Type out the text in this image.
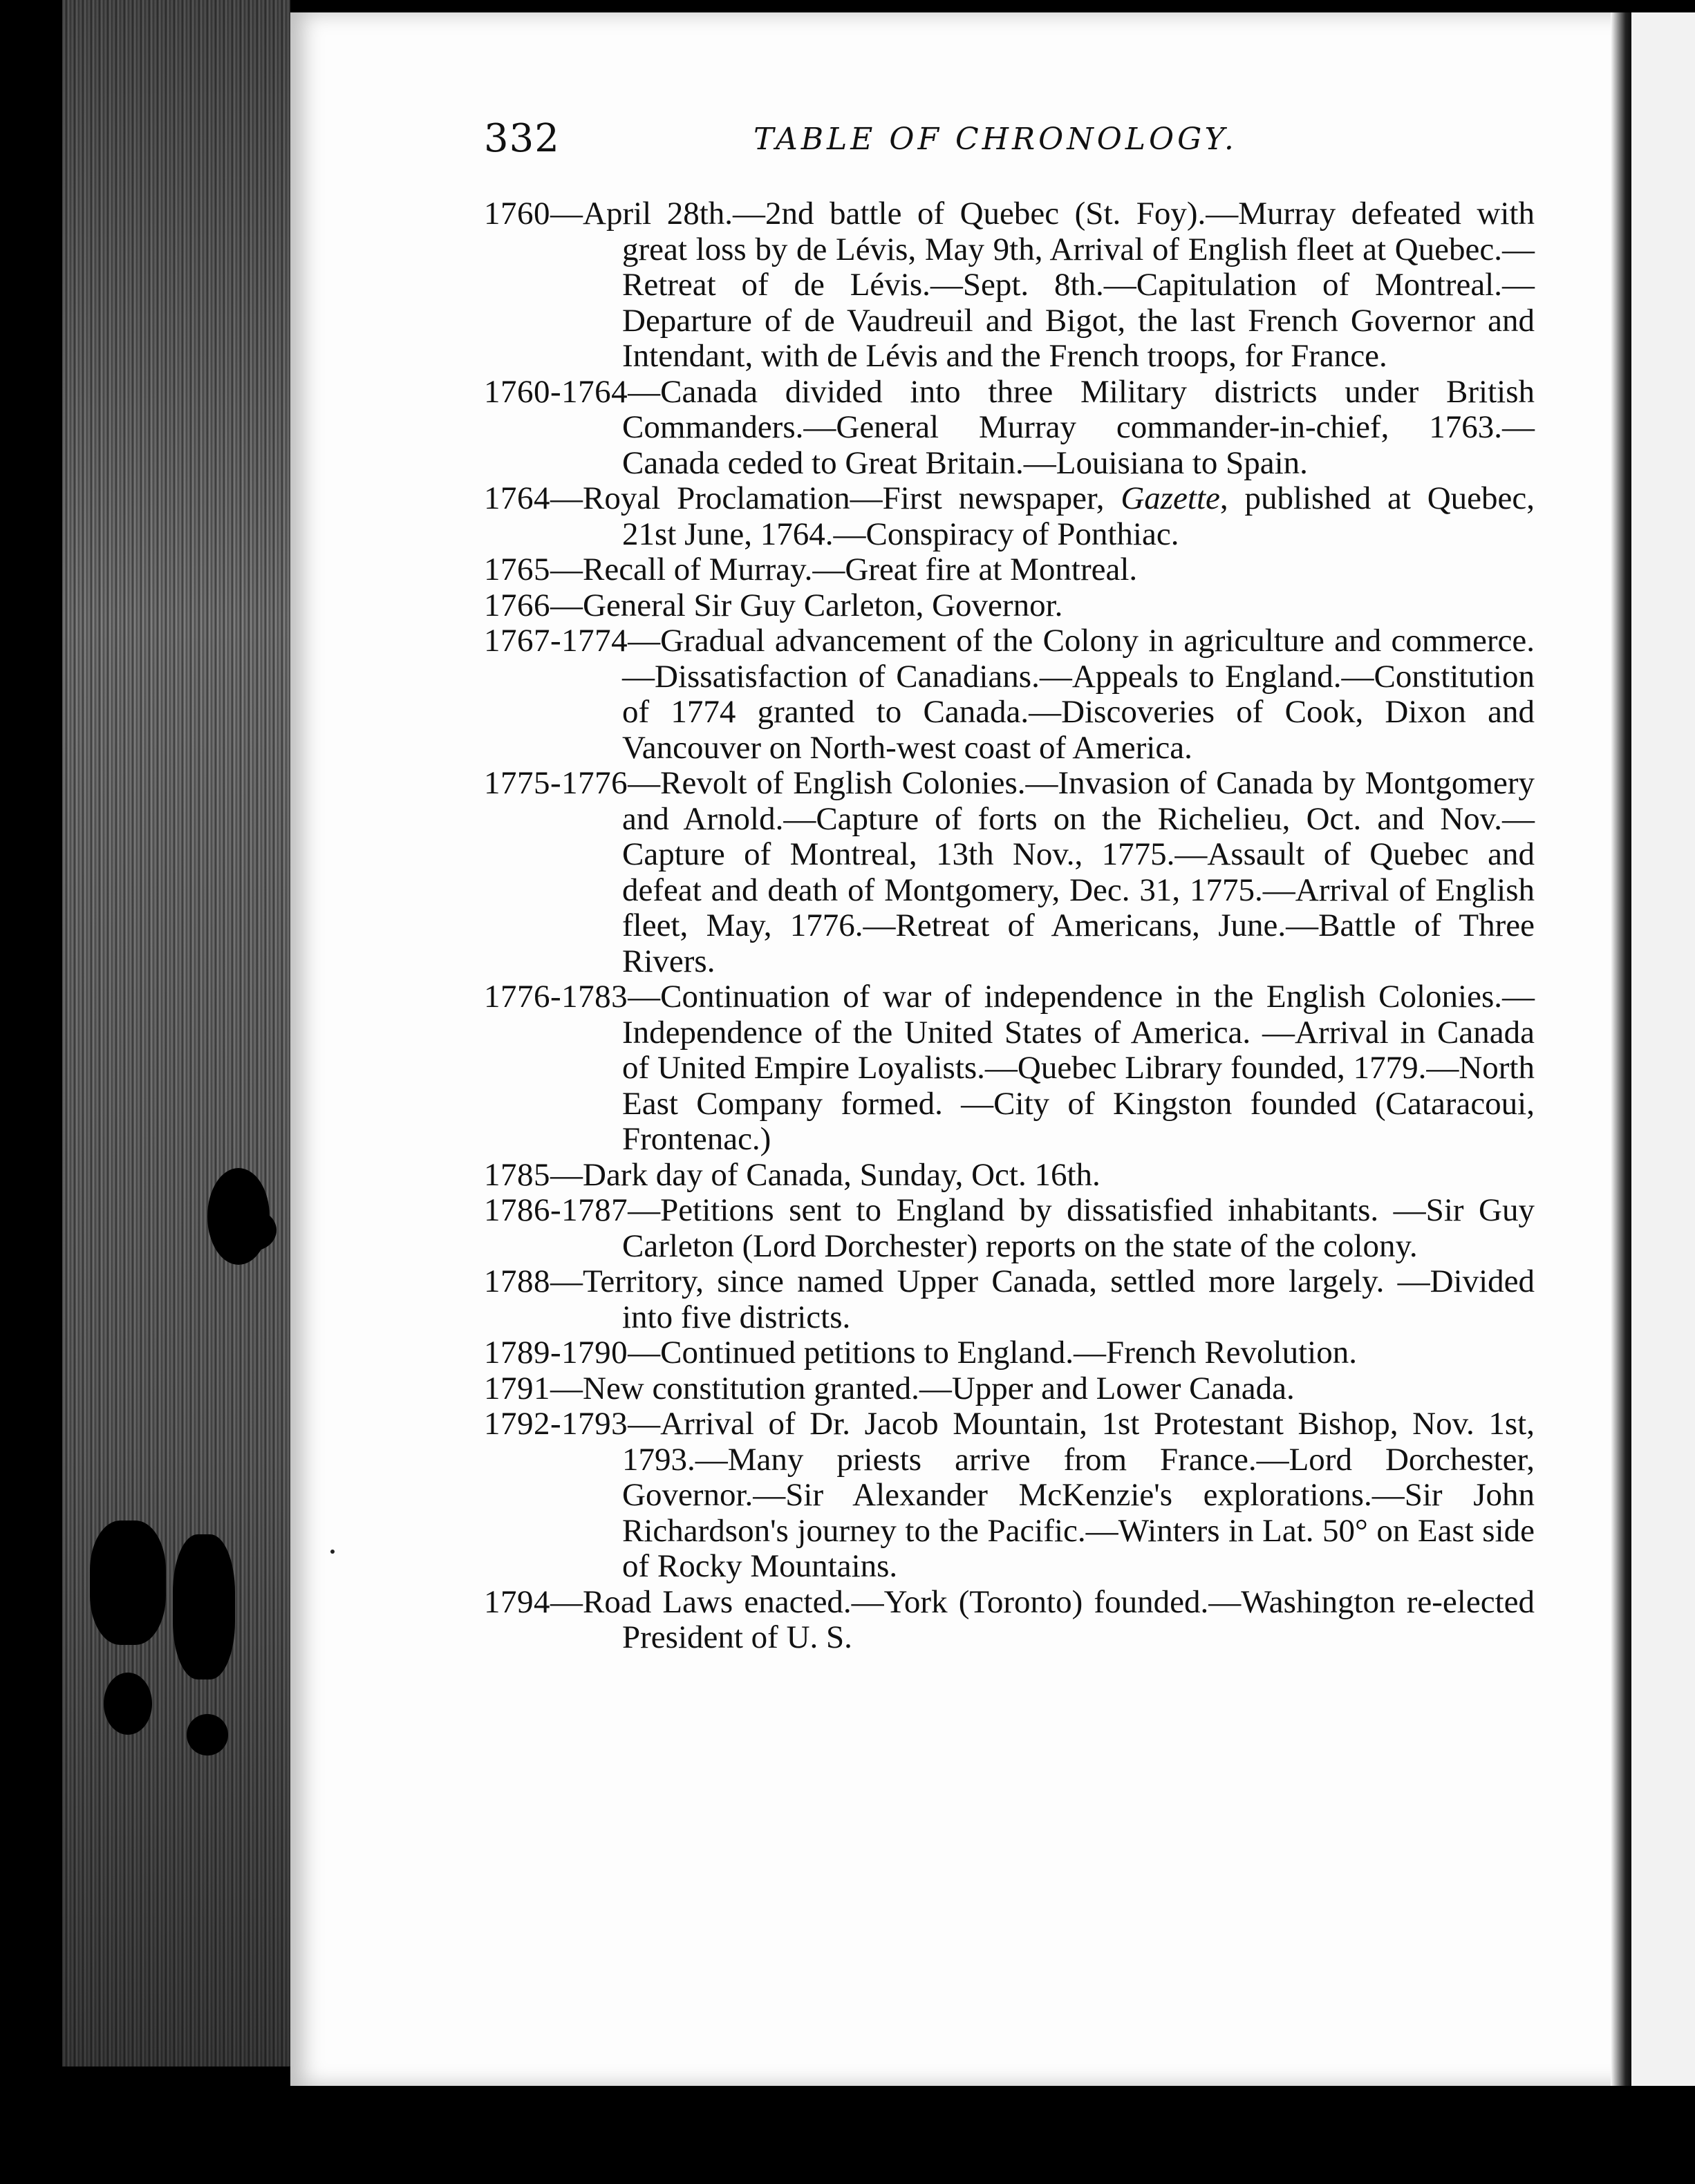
332	TABLE OF CHRONOLOGY.

1760—April 28th.—2nd battle of Quebec (St. Foy).—Murray defeated with great loss by de Lévis, May 9th, Arrival of English fleet at Quebec.—Retreat of de Lévis.—Sept. 8th.—Capitulation of Montreal.—Departure of de Vaudreuil and Bigot, the last French Governor and Intendant, with de Lévis and the French troops, for France.

1760-1764—Canada divided into three Military districts under British Commanders.—General Murray commander-in-chief, 1763.—Canada ceded to Great Britain.—Louisiana to Spain.

1764—Royal Proclamation—First newspaper, Gazette, published at Quebec, 21st June, 1764.—Conspiracy of Ponthiac.

1765—Recall of Murray.—Great fire at Montreal.

1766—General Sir Guy Carleton, Governor.

1767-1774—Gradual advancement of the Colony in agriculture and commerce.—Dissatisfaction of Canadians.—Appeals to England.—Constitution of 1774 granted to Canada.—Discoveries of Cook, Dixon and Vancouver on North-west coast of America.

1775-1776—Revolt of English Colonies.—Invasion of Canada by Montgomery and Arnold.—Capture of forts on the Richelieu, Oct. and Nov.—Capture of Montreal, 13th Nov., 1775.—Assault of Quebec and defeat and death of Montgomery, Dec. 31, 1775.—Arrival of English fleet, May, 1776.—Retreat of Americans, June.—Battle of Three Rivers.

1776-1783—Continuation of war of independence in the English Colonies.—Independence of the United States of America. —Arrival in Canada of United Empire Loyalists.—Quebec Library founded, 1779.—North East Company formed. —City of Kingston founded (Cataracoui, Frontenac.)

1785—Dark day of Canada, Sunday, Oct. 16th.

1786-1787—Petitions sent to England by dissatisfied inhabitants. —Sir Guy Carleton (Lord Dorchester) reports on the state of the colony.

1788—Territory, since named Upper Canada, settled more largely. —Divided into five districts.

1789-1790—Continued petitions to England.—French Revolution.

1791—New constitution granted.—Upper and Lower Canada.

1792-1793—Arrival of Dr. Jacob Mountain, 1st Protestant Bishop, Nov. 1st, 1793.—Many priests arrive from France.—Lord Dorchester, Governor.—Sir Alexander McKenzie's explorations.—Sir John Richardson's journey to the Pacific.—Winters in Lat. 50° on East side of Rocky Mountains.

1794—Road Laws enacted.—York (Toronto) founded.—Washington re-elected President of U. S.
